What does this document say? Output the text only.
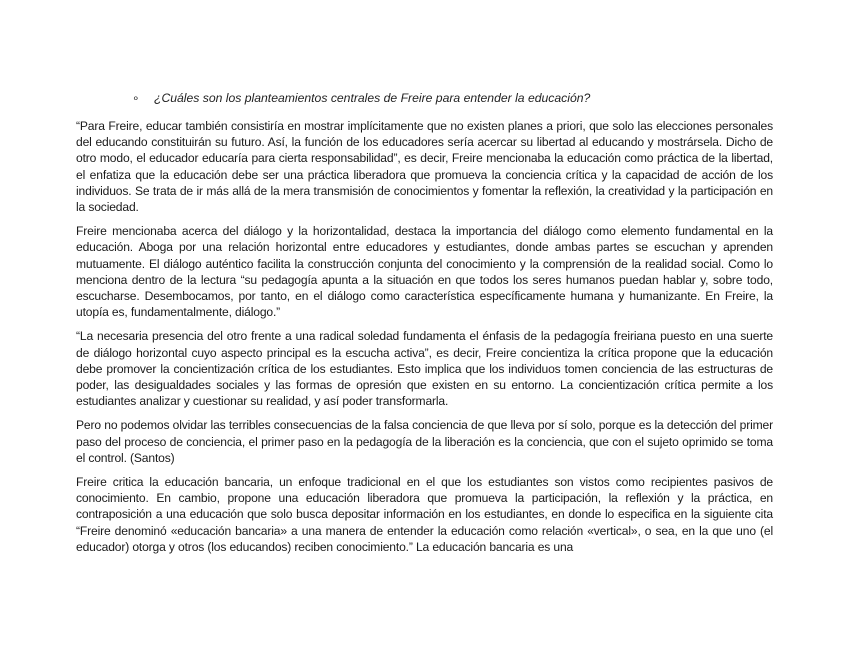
∘	¿Cuáles son los planteamientos centrales de Freire para entender la educación?

“Para Freire, educar también consistiría en mostrar implícitamente que no existen planes a priori, que solo las elecciones personales del educando constituirán su futuro. Así, la función de los educadores sería acercar su libertad al educando y mostrársela. Dicho de otro modo, el educador educaría para cierta responsabilidad”, es decir, Freire mencionaba la educación como práctica de la libertad, el enfatiza que la educación debe ser una práctica liberadora que promueva la conciencia crítica y la capacidad de acción de los individuos. Se trata de ir más allá de la mera transmisión de conocimientos y fomentar la reflexión, la creatividad y la participación en la sociedad.

Freire mencionaba acerca del diálogo y la horizontalidad, destaca la importancia del diálogo como elemento fundamental en la educación. Aboga por una relación horizontal entre educadores y estudiantes, donde ambas partes se escuchan y aprenden mutuamente. El diálogo auténtico facilita la construcción conjunta del conocimiento y la comprensión de la realidad social. Como lo menciona dentro de la lectura “su pedagogía apunta a la situación en que todos los seres humanos puedan hablar y, sobre todo, escucharse. Desembocamos, por tanto, en el diálogo como característica específicamente humana y humanizante. En Freire, la utopía es, fundamentalmente, diálogo.”

“La necesaria presencia del otro frente a una radical soledad fundamenta el énfasis de la pedagogía freiriana puesto en una suerte de diálogo horizontal cuyo aspecto principal es la escucha activa”, es decir, Freire concientiza la crítica propone que la educación debe promover la concientización crítica de los estudiantes. Esto implica que los individuos tomen conciencia de las estructuras de poder, las desigualdades sociales y las formas de opresión que existen en su entorno. La concientización crítica permite a los estudiantes analizar y cuestionar su realidad, y así poder transformarla.

Pero no podemos olvidar las terribles consecuencias de la falsa conciencia de que lleva por sí solo, porque es la detección del primer paso del proceso de conciencia, el primer paso en la pedagogía de la liberación es la conciencia, que con el sujeto oprimido se toma el control. (Santos)

Freire critica la educación bancaria, un enfoque tradicional en el que los estudiantes son vistos como recipientes pasivos de conocimiento. En cambio, propone una educación liberadora que promueva la participación, la reflexión y la práctica, en contraposición a una educación que solo busca depositar información en los estudiantes, en donde lo especifica en la siguiente cita “Freire denominó «educación bancaria» a una manera de entender la educación como relación «vertical», o sea, en la que uno (el educador) otorga y otros (los educandos) reciben conocimiento.” La educación bancaria es una
